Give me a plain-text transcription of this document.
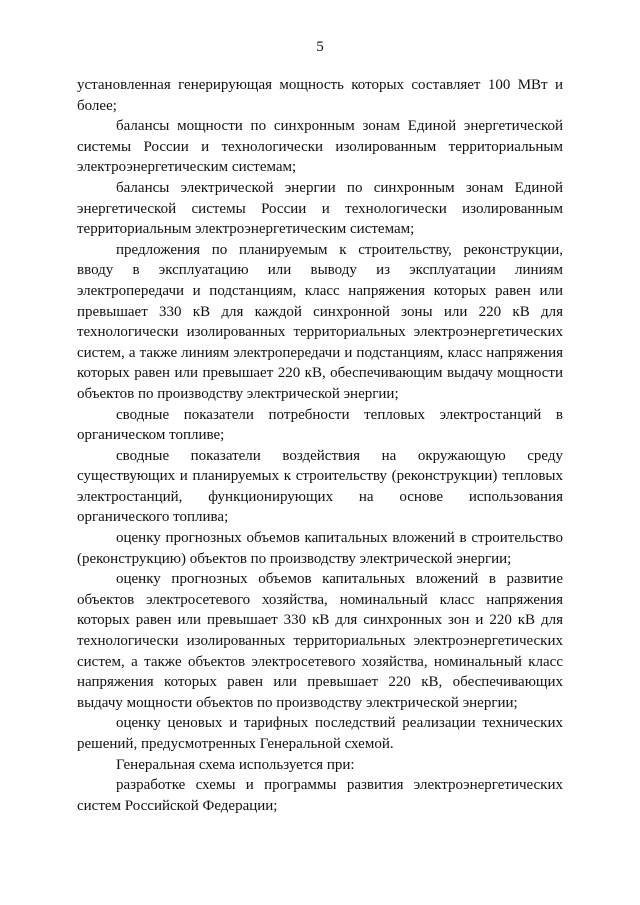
5

установленная генерирующая мощность которых составляет 100 МВт и более;

балансы мощности по синхронным зонам Единой энергетической системы России и технологически изолированным территориальным электроэнергетическим системам;

балансы электрической энергии по синхронным зонам Единой энергетической системы России и технологически изолированным территориальным электроэнергетическим системам;

предложения по планируемым к строительству, реконструкции, вводу в эксплуатацию или выводу из эксплуатации линиям электропередачи и подстанциям, класс напряжения которых равен или превышает 330 кВ для каждой синхронной зоны или 220 кВ для технологически изолированных территориальных электроэнергетических систем, а также линиям электропередачи и подстанциям, класс напряжения которых равен или превышает 220 кВ, обеспечивающим выдачу мощности объектов по производству электрической энергии;

сводные показатели потребности тепловых электростанций в органическом топливе;

сводные показатели воздействия на окружающую среду существующих и планируемых к строительству (реконструкции) тепловых электростанций, функционирующих на основе использования органического топлива;

оценку прогнозных объемов капитальных вложений в строительство (реконструкцию) объектов по производству электрической энергии;

оценку прогнозных объемов капитальных вложений в развитие объектов электросетевого хозяйства, номинальный класс напряжения которых равен или превышает 330 кВ для синхронных зон и 220 кВ для технологически изолированных территориальных электроэнергетических систем, а также объектов электросетевого хозяйства, номинальный класс напряжения которых равен или превышает 220 кВ, обеспечивающих выдачу мощности объектов по производству электрической энергии;

оценку ценовых и тарифных последствий реализации технических решений, предусмотренных Генеральной схемой.

Генеральная схема используется при:

разработке схемы и программы развития электроэнергетических систем Российской Федерации;
